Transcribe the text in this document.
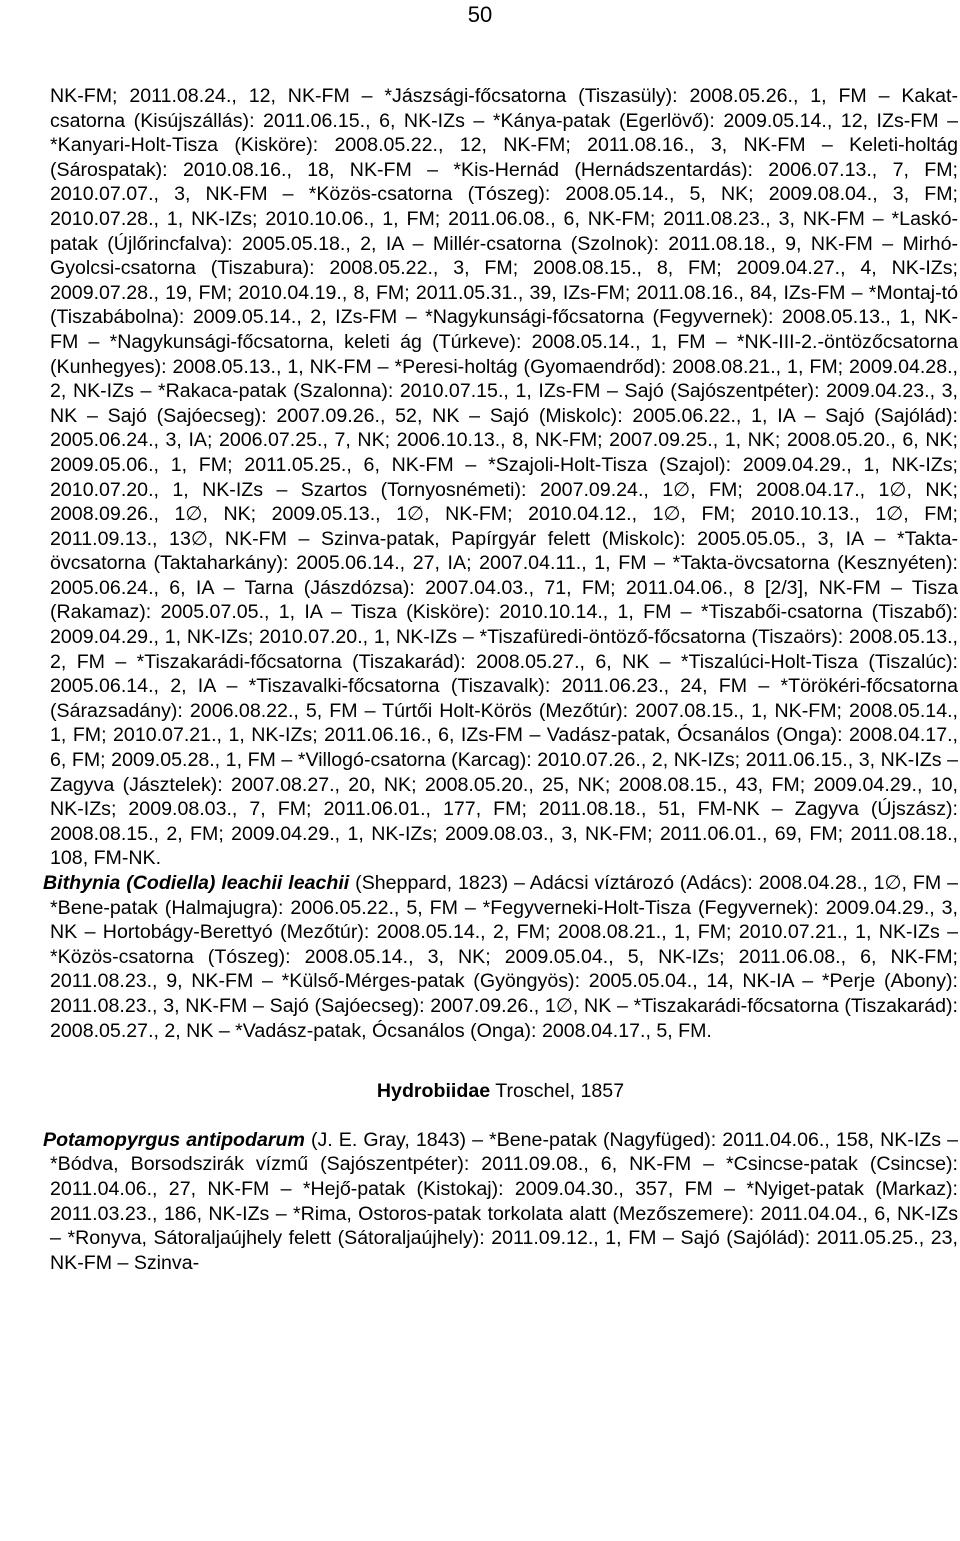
50

NK-FM; 2011.08.24., 12, NK-FM – *Jászsági-főcsatorna (Tiszasüly): 2008.05.26., 1, FM – Kakat-csatorna (Kisújszállás): 2011.06.15., 6, NK-IZs – *Kánya-patak (Egerlövő): 2009.05.14., 12, IZs-FM – *Kanyari-Holt-Tisza (Kisköre): 2008.05.22., 12, NK-FM; 2011.08.16., 3, NK-FM – Keleti-holtág (Sárospatak): 2010.08.16., 18, NK-FM – *Kis-Hernád (Hernádszentardás): 2006.07.13., 7, FM; 2010.07.07., 3, NK-FM – *Közös-csatorna (Tószeg): 2008.05.14., 5, NK; 2009.08.04., 3, FM; 2010.07.28., 1, NK-IZs; 2010.10.06., 1, FM; 2011.06.08., 6, NK-FM; 2011.08.23., 3, NK-FM – *Laskó-patak (Újlőrincfalva): 2005.05.18., 2, IA – Millér-csatorna (Szolnok): 2011.08.18., 9, NK-FM – Mirhó-Gyolcsi-csatorna (Tiszabura): 2008.05.22., 3, FM; 2008.08.15., 8, FM; 2009.04.27., 4, NK-IZs; 2009.07.28., 19, FM; 2010.04.19., 8, FM; 2011.05.31., 39, IZs-FM; 2011.08.16., 84, IZs-FM – *Montaj-tó (Tiszabábolna): 2009.05.14., 2, IZs-FM – *Nagykunsági-főcsatorna (Fegyvernek): 2008.05.13., 1, NK-FM – *Nagykunsági-főcsatorna, keleti ág (Túrkeve): 2008.05.14., 1, FM – *NK-III-2.-öntözőcsatorna (Kunhegyes): 2008.05.13., 1, NK-FM – *Peresi-holtág (Gyomaendrőd): 2008.08.21., 1, FM; 2009.04.28., 2, NK-IZs – *Rakaca-patak (Szalonna): 2010.07.15., 1, IZs-FM – Sajó (Sajószentpéter): 2009.04.23., 3, NK – Sajó (Sajóecseg): 2007.09.26., 52, NK – Sajó (Miskolc): 2005.06.22., 1, IA – Sajó (Sajólád): 2005.06.24., 3, IA; 2006.07.25., 7, NK; 2006.10.13., 8, NK-FM; 2007.09.25., 1, NK; 2008.05.20., 6, NK; 2009.05.06., 1, FM; 2011.05.25., 6, NK-FM – *Szajoli-Holt-Tisza (Szajol): 2009.04.29., 1, NK-IZs; 2010.07.20., 1, NK-IZs – Szartos (Tornyosnémeti): 2007.09.24., 1∅, FM; 2008.04.17., 1∅, NK; 2008.09.26., 1∅, NK; 2009.05.13., 1∅, NK-FM; 2010.04.12., 1∅, FM; 2010.10.13., 1∅, FM; 2011.09.13., 13∅, NK-FM – Szinva-patak, Papírgyár felett (Miskolc): 2005.05.05., 3, IA – *Takta-övcsatorna (Taktaharkány): 2005.06.14., 27, IA; 2007.04.11., 1, FM – *Takta-övcsatorna (Kesznyéten): 2005.06.24., 6, IA – Tarna (Jászdózsa): 2007.04.03., 71, FM; 2011.04.06., 8 [2/3], NK-FM – Tisza (Rakamaz): 2005.07.05., 1, IA – Tisza (Kisköre): 2010.10.14., 1, FM – *Tiszabői-csatorna (Tiszabő): 2009.04.29., 1, NK-IZs; 2010.07.20., 1, NK-IZs – *Tiszafüredi-öntöző-főcsatorna (Tiszaörs): 2008.05.13., 2, FM – *Tiszakarádi-főcsatorna (Tiszakarád): 2008.05.27., 6, NK – *Tiszalúci-Holt-Tisza (Tiszalúc): 2005.06.14., 2, IA – *Tiszavalki-főcsatorna (Tiszavalk): 2011.06.23., 24, FM – *Törökéri-főcsatorna (Sárazsadány): 2006.08.22., 5, FM – Túrtői Holt-Körös (Mezőtúr): 2007.08.15., 1, NK-FM; 2008.05.14., 1, FM; 2010.07.21., 1, NK-IZs; 2011.06.16., 6, IZs-FM – Vadász-patak, Ócsanálos (Onga): 2008.04.17., 6, FM; 2009.05.28., 1, FM – *Villogó-csatorna (Karcag): 2010.07.26., 2, NK-IZs; 2011.06.15., 3, NK-IZs – Zagyva (Jásztelek): 2007.08.27., 20, NK; 2008.05.20., 25, NK; 2008.08.15., 43, FM; 2009.04.29., 10, NK-IZs; 2009.08.03., 7, FM; 2011.06.01., 177, FM; 2011.08.18., 51, FM-NK – Zagyva (Újszász): 2008.08.15., 2, FM; 2009.04.29., 1, NK-IZs; 2009.08.03., 3, NK-FM; 2011.06.01., 69, FM; 2011.08.18., 108, FM-NK.

Bithynia (Codiella) leachii leachii (Sheppard, 1823) – Adácsi víztározó (Adács): 2008.04.28., 1∅, FM – *Bene-patak (Halmajugra): 2006.05.22., 5, FM – *Fegyverneki-Holt-Tisza (Fegyvernek): 2009.04.29., 3, NK – Hortobágy-Berettyó (Mezőtúr): 2008.05.14., 2, FM; 2008.08.21., 1, FM; 2010.07.21., 1, NK-IZs – *Közös-csatorna (Tószeg): 2008.05.14., 3, NK; 2009.05.04., 5, NK-IZs; 2011.06.08., 6, NK-FM; 2011.08.23., 9, NK-FM – *Külső-Mérges-patak (Gyöngyös): 2005.05.04., 14, NK-IA – *Perje (Abony): 2011.08.23., 3, NK-FM – Sajó (Sajóecseg): 2007.09.26., 1∅, NK – *Tiszakarádi-főcsatorna (Tiszakarád): 2008.05.27., 2, NK – *Vadász-patak, Ócsanálos (Onga): 2008.04.17., 5, FM.

Hydrobiidae Troschel, 1857

Potamopyrgus antipodarum (J. E. Gray, 1843) – *Bene-patak (Nagyfüged): 2011.04.06., 158, NK-IZs – *Bódva, Borsodszirák vízmű (Sajószentpéter): 2011.09.08., 6, NK-FM – *Csincse-patak (Csincse): 2011.04.06., 27, NK-FM – *Hejő-patak (Kistokaj): 2009.04.30., 357, FM – *Nyiget-patak (Markaz): 2011.03.23., 186, NK-IZs – *Rima, Ostoros-patak torkolata alatt (Mezőszemere): 2011.04.04., 6, NK-IZs – *Ronyva, Sátoraljaújhely felett (Sátoraljaújhely): 2011.09.12., 1, FM – Sajó (Sajólád): 2011.05.25., 23, NK-FM – Szinva-
